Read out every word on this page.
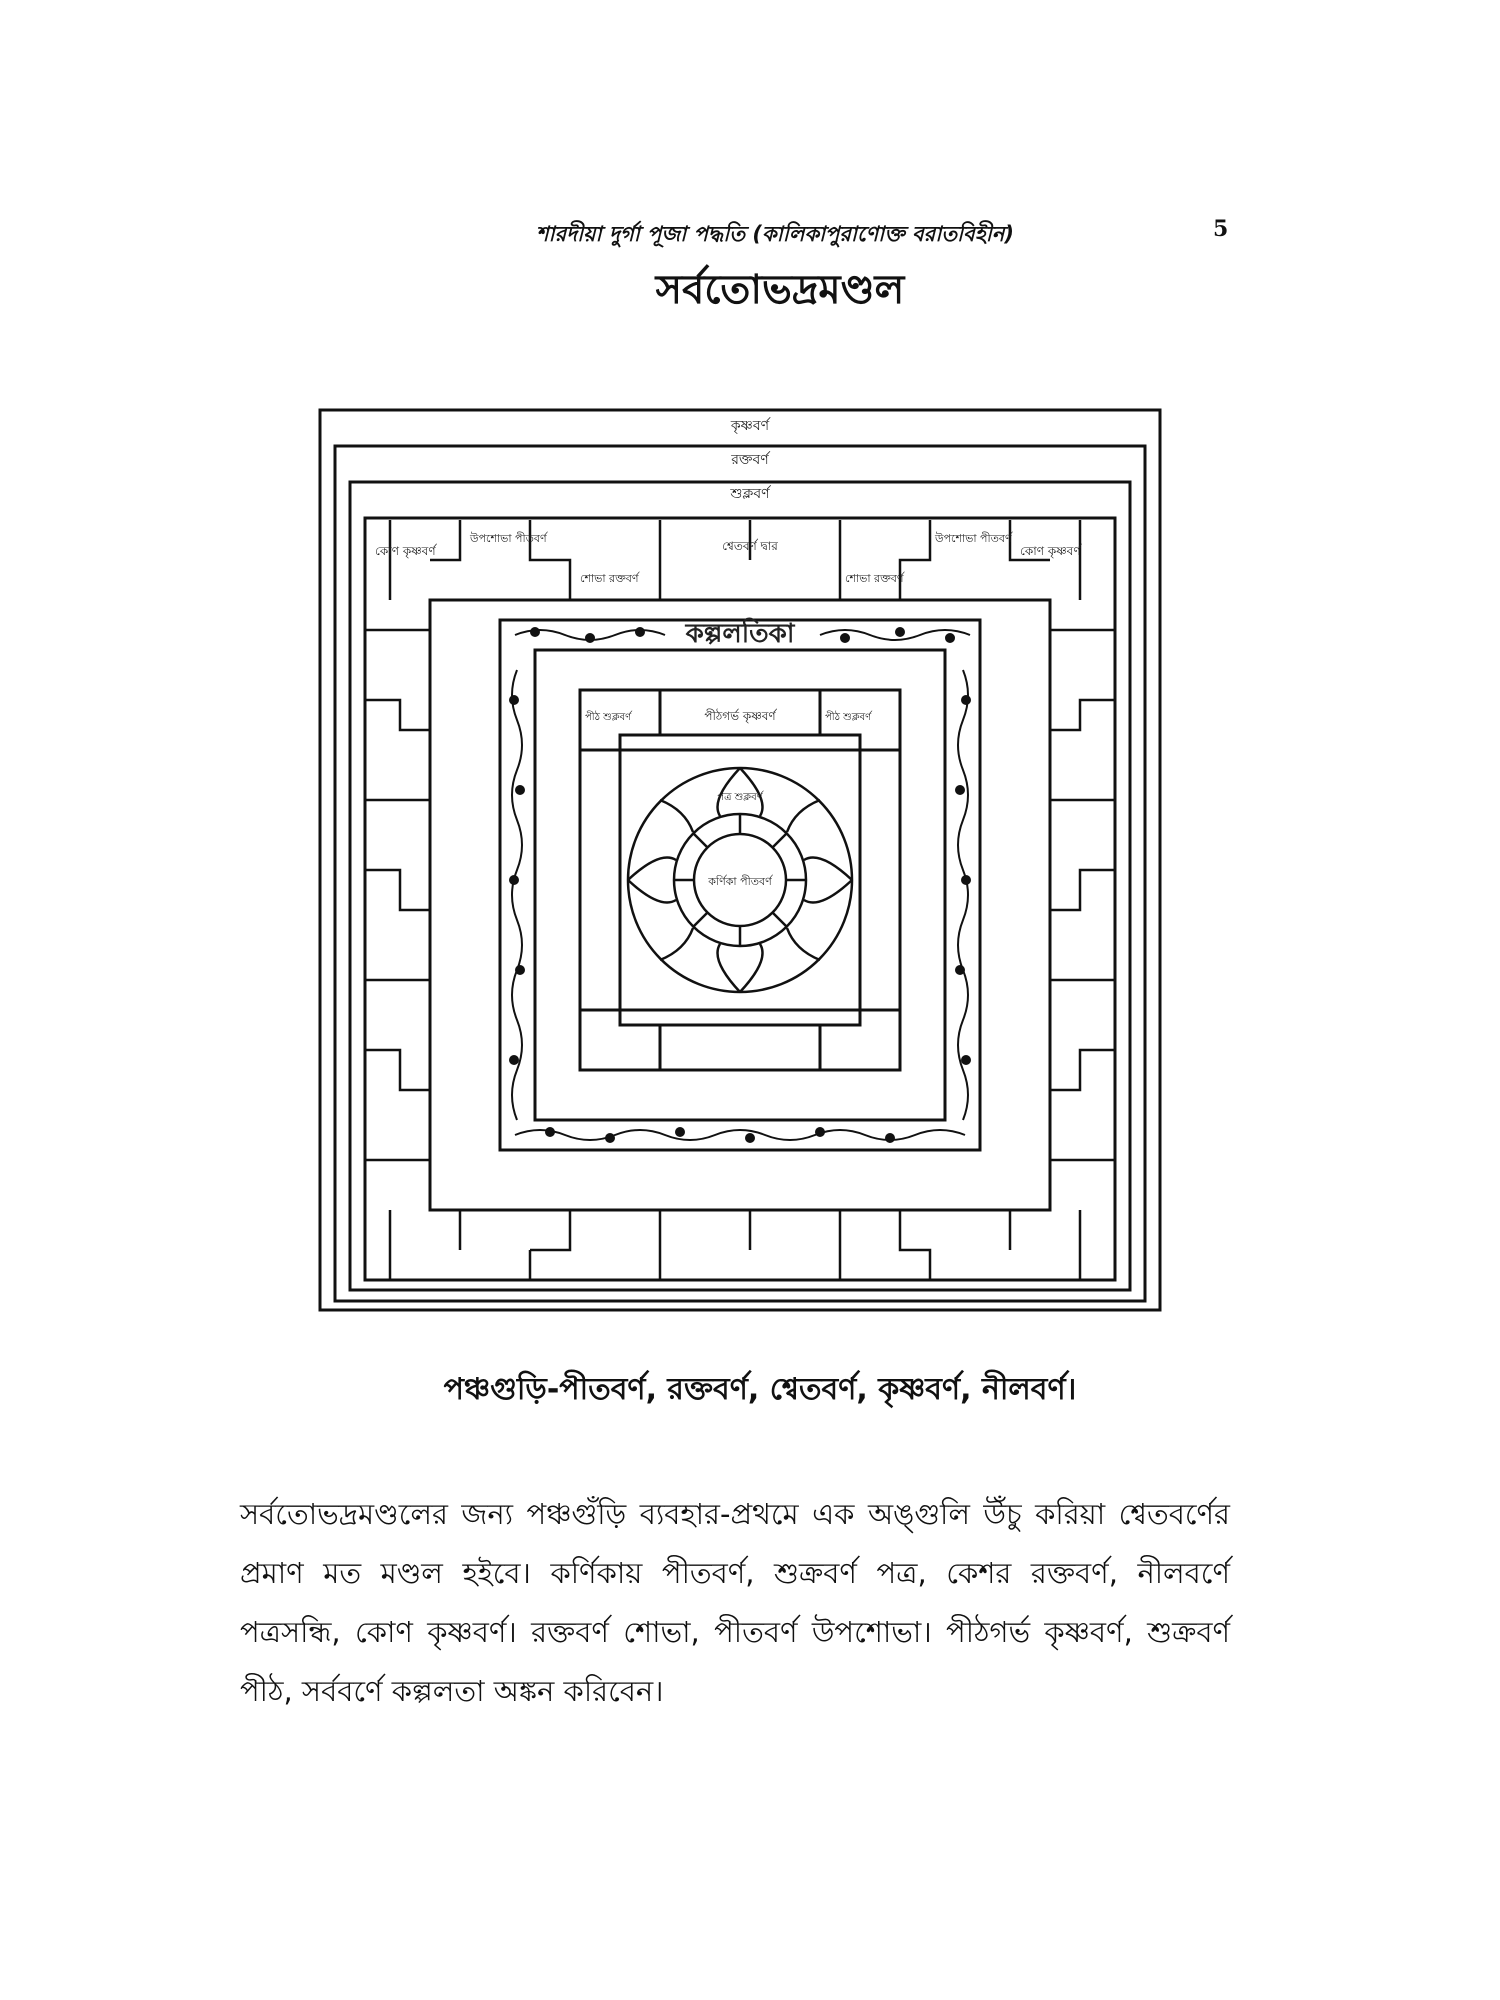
শারদীয়া দুর্গা পূজা পদ্ধতি (কালিকাপুরাণোক্ত বরাতবিহীন)	5
সর্বতোভদ্রমণ্ডল
কৃষ্ণবর্ণ
রক্তবর্ণ
শুক্লবর্ণ
কোণ কৃষ্ণবর্ণ
উপশোভা পীতবর্ণ
শোভা রক্তবর্ণ
শ্বেতবর্ণ দ্বার
শোভা রক্তবর্ণ
উপশোভা পীতবর্ণ
কোণ কৃষ্ণবর্ণ
কল্পলতিকা
পীঠগর্ভ কৃষ্ণবর্ণ
পীঠ শুক্লবর্ণ	পীঠ শুক্লবর্ণ
পত্র শুক্লবর্ণ
কর্ণিকা পীতবর্ণ
পঞ্চগুড়ি-পীতবর্ণ, রক্তবর্ণ, শ্বেতবর্ণ, কৃষ্ণবর্ণ, নীলবর্ণ।
সর্বতোভদ্রমণ্ডলের জন্য পঞ্চগুঁড়ি ব্যবহার-প্রথমে এক অঙ্গুলি উঁচু করিয়া শ্বেতবর্ণের প্রমাণ মত মণ্ডল হইবে। কর্ণিকায় পীতবর্ণ, শুক্রবর্ণ পত্র, কেশর রক্তবর্ণ, নীলবর্ণে পত্রসন্ধি, কোণ কৃষ্ণবর্ণ। রক্তবর্ণ শোভা, পীতবর্ণ উপশোভা। পীঠগর্ভ কৃষ্ণবর্ণ, শুক্রবর্ণ পীঠ, সর্ববর্ণে কল্পলতা অঙ্কন করিবেন।
